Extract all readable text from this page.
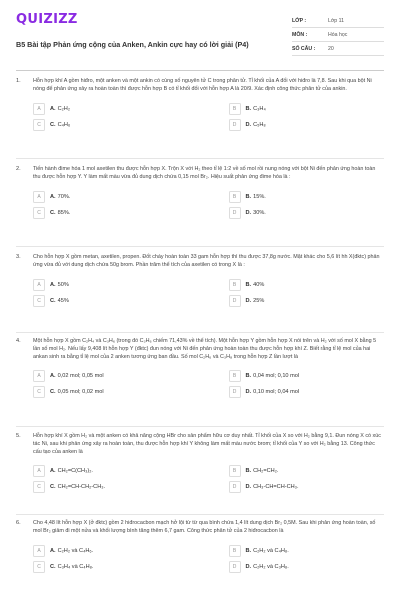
QUIZIZZ
B5 Bài tập Phản ứng cộng của Anken, Ankin cực hay có lời giải (P4)
LỚP :	Lớp 11
MÔN :	Hóa học
SỐ CÂU :	20
1. Hỗn hợp khí A gồm hiđro, một anken và một ankin có cùng số nguyên tử C trong phân tử. Tỉ khối của A đối với hiđro là 7,8. Sau khi qua bột Ni nóng để phản ứng xảy ra hoàn toàn thì được hỗn hợp B có tỉ khối đối với hỗn hợp A là 20/9. Xác định công thức phân tử của ankin.
A	A. C₂H₂	B	B. C₃H₄
C	C. C₄H₆	D	D. C₅H₈
2. Tiến hành đime hóa 1 mol axetilen thu được hỗn hợp X. Trộn X với H₂ theo tỉ lệ 1:2 về số mol rồi nung nóng với bột Ni đến phản ứng hoàn toàn thu được hỗn hợp Y. Y làm mất màu vừa đủ dung dịch chứa 0,15 mol Br₂. Hiệu suất phản ứng đime hóa là :
A	A. 70%.	B	B. 15%.
C	C. 85%.	D	D. 30%.
3. Cho hỗn hợp X gồm metan, axetilen, propen. Đốt cháy hoàn toàn 33 gam hỗn hợp thì thu được 37,8g nước. Mặt khác cho 5,6 lít hh X(đktc) phản ứng vừa đủ với dung dịch chứa 50g brom. Phần trăm thể tích của axetilen có trong X là :
A	A. 50%	B	B. 40%
C	C. 45%	D	D. 25%
4. Một hỗn hợp X gồm C₂H₄ và C₃H₆ (trong đó C₃H₆ chiếm 71,43% về thể tích). Một hỗn hợp Y gồm hỗn hợp X nói trên và H₂ với số mol X bằng 5 lần số mol H₂. Nếu lấy 9,408 lít hỗn hợp Y (đktc) đun nóng với Ni đến phản ứng hoàn toàn thu được hỗn hợp khí Z. Biết rằng tỉ lệ mol của hai ankan sinh ra bằng tỉ lệ mol của 2 anken tương ứng ban đầu. Số mol C₂H₆ và C₃H₈ trong hỗn hợp Z lần lượt là
A	A. 0,02 mol; 0,05 mol	B	B. 0,04 mol; 0,10 mol
C	C. 0,05 mol; 0,02 mol	D	D. 0,10 mol; 0,04 mol
5. Hỗn hợp khí X gồm H₂ và một anken có khả năng cộng HBr cho sản phẩm hữu cơ duy nhất. Tỉ khối của X so với H₂ bằng 9,1. Đun nóng X có xúc tác Ni, sau khi phản ứng xảy ra hoàn toàn, thu được hỗn hợp khí Y không làm mất màu nước brom; tỉ khối của Y so với H₂ bằng 13. Công thức cấu tạo của anken là
A	A. CH₂=C(CH₃)₂.	B	B. CH₂=CH₂.
C	C. CH₂=CH-CH₂-CH₃.	D	D. CH₃-CH=CH-CH₃.
6. Cho 4,48 lít hỗn hợp X (ở đktc) gồm 2 hiđrocacbon mạch hở lội từ từ qua bình chứa 1,4 lít dung dịch Br₂ 0,5M. Sau khi phản ứng hoàn toàn, số mol Br₂ giảm đi một nửa và khối lượng bình tăng thêm 6,7 gam. Công thức phân tử của 2 hiđrocacbon là
A	A. C₂H₂ và C₄H₆.	B	B. C₂H₂ và C₄H₈.
C	C. C₃H₄ và C₄H₈.	D	D. C₂H₂ và C₃H₈.
